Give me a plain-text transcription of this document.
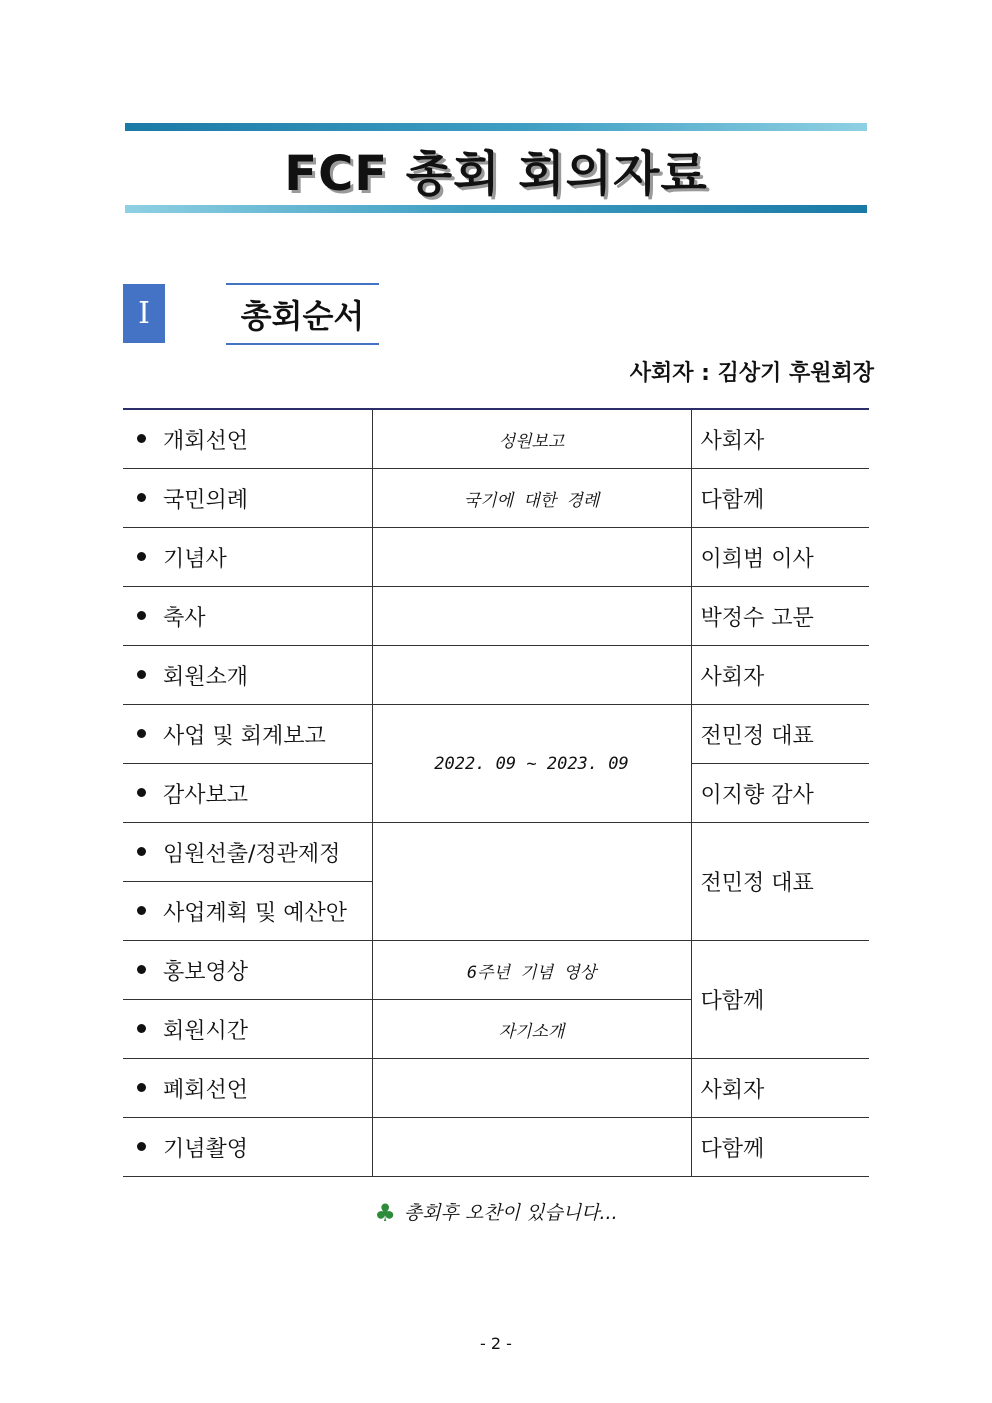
FCF 총회 회의자료
I	총회순서
사회자 : 김상기 후원회장
개회선언	성원보고	사회자
국민의례	국기에 대한 경례	다함께
기념사		이희범 이사
축사		박정수 고문
회원소개		사회자
사업 및 회계보고	2022. 09 ~ 2023. 09	전민정 대표
감사보고		이지향 감사
임원선출/정관제정		전민정 대표
사업계획 및 예산안		
홍보영상	6주년 기념 영상	다함께
회원시간	자기소개	
폐회선언		사회자
기념촬영		다함께
♣ 총회후 오찬이 있습니다...
- 2 -
